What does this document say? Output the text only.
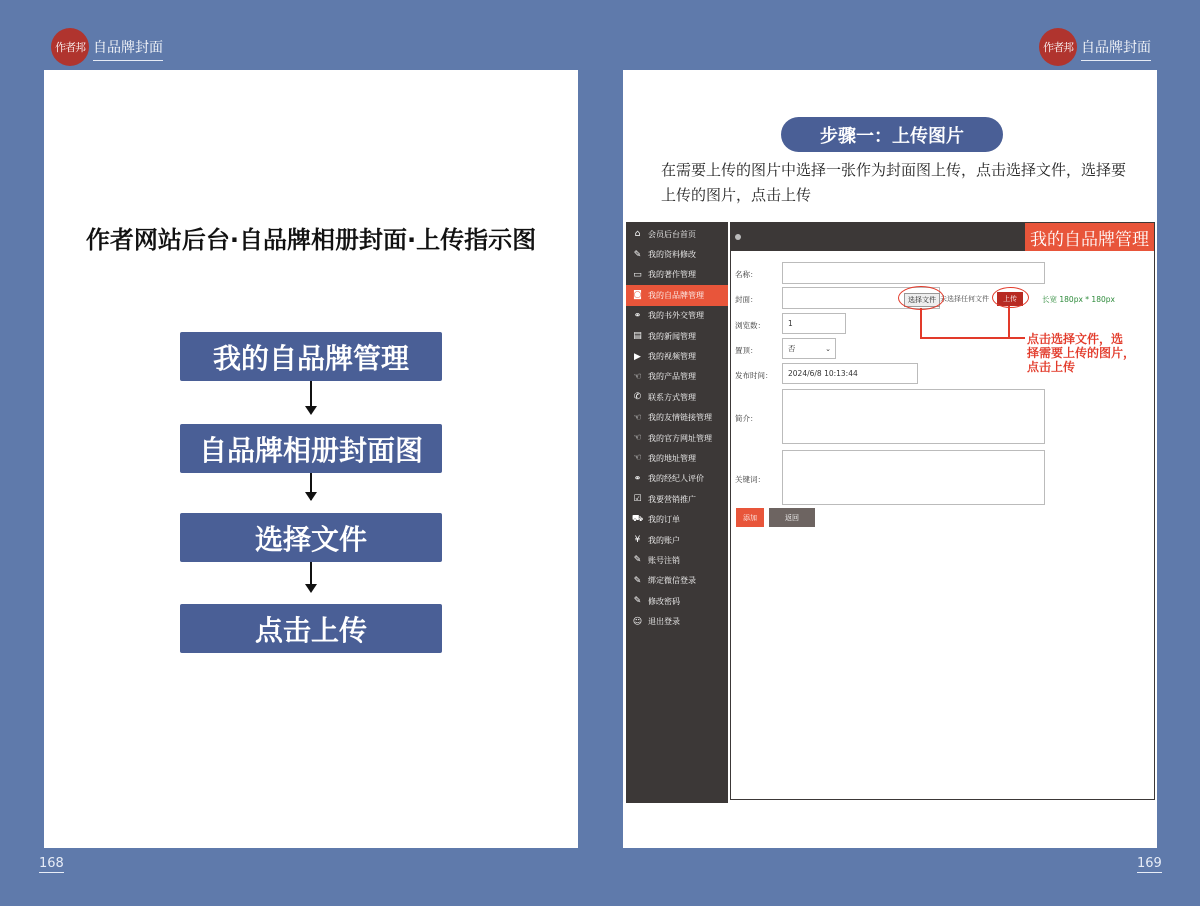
作者邦 自品牌封面	作者邦 自品牌封面
作者网站后台·自品牌相册封面·上传指示图
我的自品牌管理
自品牌相册封面图
选择文件
点击上传
168
步骤一：上传图片
在需要上传的图片中选择一张作为封面图上传，点击选择文件，选择要上传的图片，点击上传
⌂ 会员后台首页
✎ 我的资料修改
▭ 我的著作管理
◙ 我的自品牌管理
⚭ 我的书外交管理
▤ 我的新闻管理
▶ 我的视频管理
☜ 我的产品管理
✆ 联系方式管理
☜ 我的友情链接管理
☜ 我的官方网址管理
☜ 我的地址管理
⚭ 我的经纪人评价
☑ 我要营销推广
⛟ 我的订单
¥ 我的账户
✎ 账号注销
✎ 绑定微信登录
✎ 修改密码
☺ 退出登录
我的自品牌管理
名称：
封面：	选择文件 未选择任何文件	上传	长宽 180px * 180px
点击选择文件，选
择需要上传的图片，
点击上传
浏览数：	1
置顶：	否	⌄
发布时间：	2024/6/8 10:13:44
简介：
关键词：
添加	返回
169
